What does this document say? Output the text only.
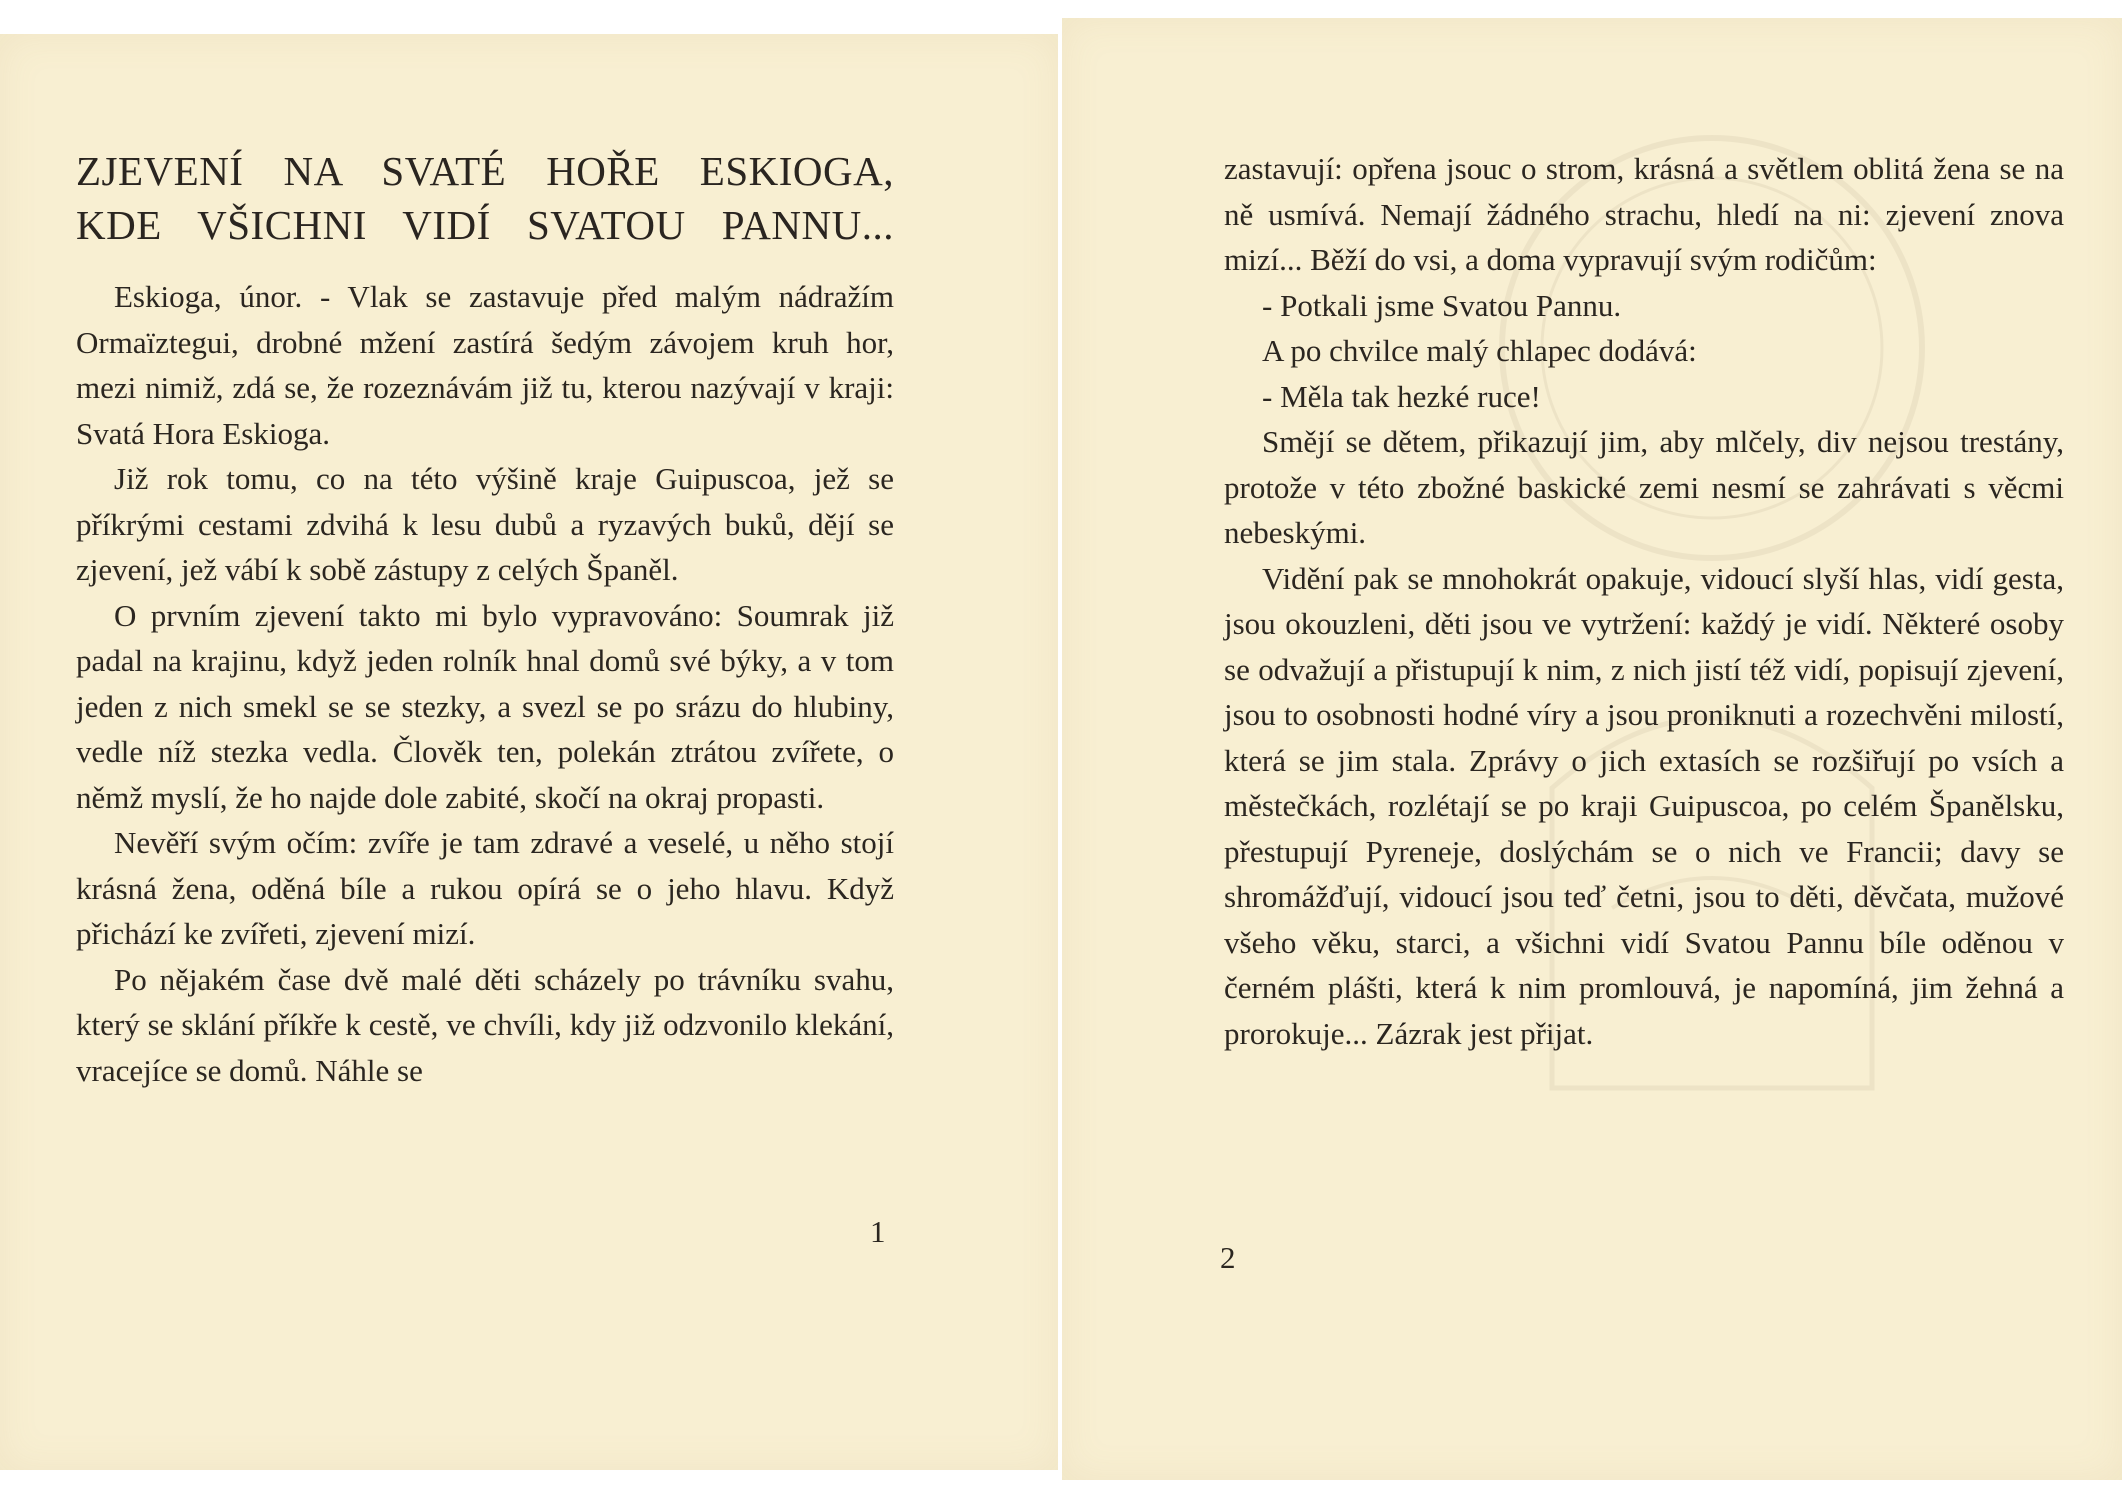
ZJEVENÍ NA SVATÉ HOŘE ESKIOGA,
KDE VŠICHNI VIDÍ SVATOU PANNU...

Eskioga, únor. - Vlak se zastavuje před malým nádražím Ormaïztegui, drobné mžení zastírá šedým závojem kruh hor, mezi nimiž, zdá se, že rozeznávám již tu, kterou nazývají v kraji: Svatá Hora Eskioga.

Již rok tomu, co na této výšině kraje Guipuscoa, jež se příkrými cestami zdvihá k lesu dubů a ryzavých buků, dějí se zjevení, jež vábí k sobě zástupy z celých Španěl.

O prvním zjevení takto mi bylo vypravováno: Soumrak již padal na krajinu, když jeden rolník hnal domů své býky, a v tom jeden z nich smekl se se stezky, a svezl se po srázu do hlubiny, vedle níž stezka vedla. Člověk ten, polekán ztrátou zvířete, o němž myslí, že ho najde dole zabité, skočí na okraj propasti.

Nevěří svým očím: zvíře je tam zdravé a veselé, u něho stojí krásná žena, oděná bíle a rukou opírá se o jeho hlavu. Když přichází ke zvířeti, zjevení mizí.

Po nějakém čase dvě malé děti scházely po trávníku svahu, který se sklání příkře k cestě, ve chvíli, kdy již odzvonilo klekání, vracejíce se domů. Náhle se

1

zastavují: opřena jsouc o strom, krásná a světlem oblitá žena se na ně usmívá. Nemají žádného strachu, hledí na ni: zjevení znova mizí... Běží do vsi, a doma vypravují svým rodičům:

- Potkali jsme Svatou Pannu.

A po chvilce malý chlapec dodává:

- Měla tak hezké ruce!

Smějí se dětem, přikazují jim, aby mlčely, div nejsou trestány, protože v této zbožné baskické zemi nesmí se zahrávati s věcmi nebeskými.

Vidění pak se mnohokrát opakuje, vidoucí slyší hlas, vidí gesta, jsou okouzleni, děti jsou ve vytržení: každý je vidí. Některé osoby se odvažují a přistupují k nim, z nich jistí též vidí, popisují zjevení, jsou to osobnosti hodné víry a jsou proniknuti a rozechvěni milostí, která se jim stala. Zprávy o jich extasích se rozšiřují po vsích a městečkách, rozlétají se po kraji Guipuscoa, po celém Španělsku, přestupují Pyreneje, doslýchám se o nich ve Francii; davy se shromážďují, vidoucí jsou teď četni, jsou to děti, děvčata, mužové všeho věku, starci, a všichni vidí Svatou Pannu bíle oděnou v černém plášti, která k nim promlouvá, je napomíná, jim žehná a prorokuje... Zázrak jest přijat.

2
